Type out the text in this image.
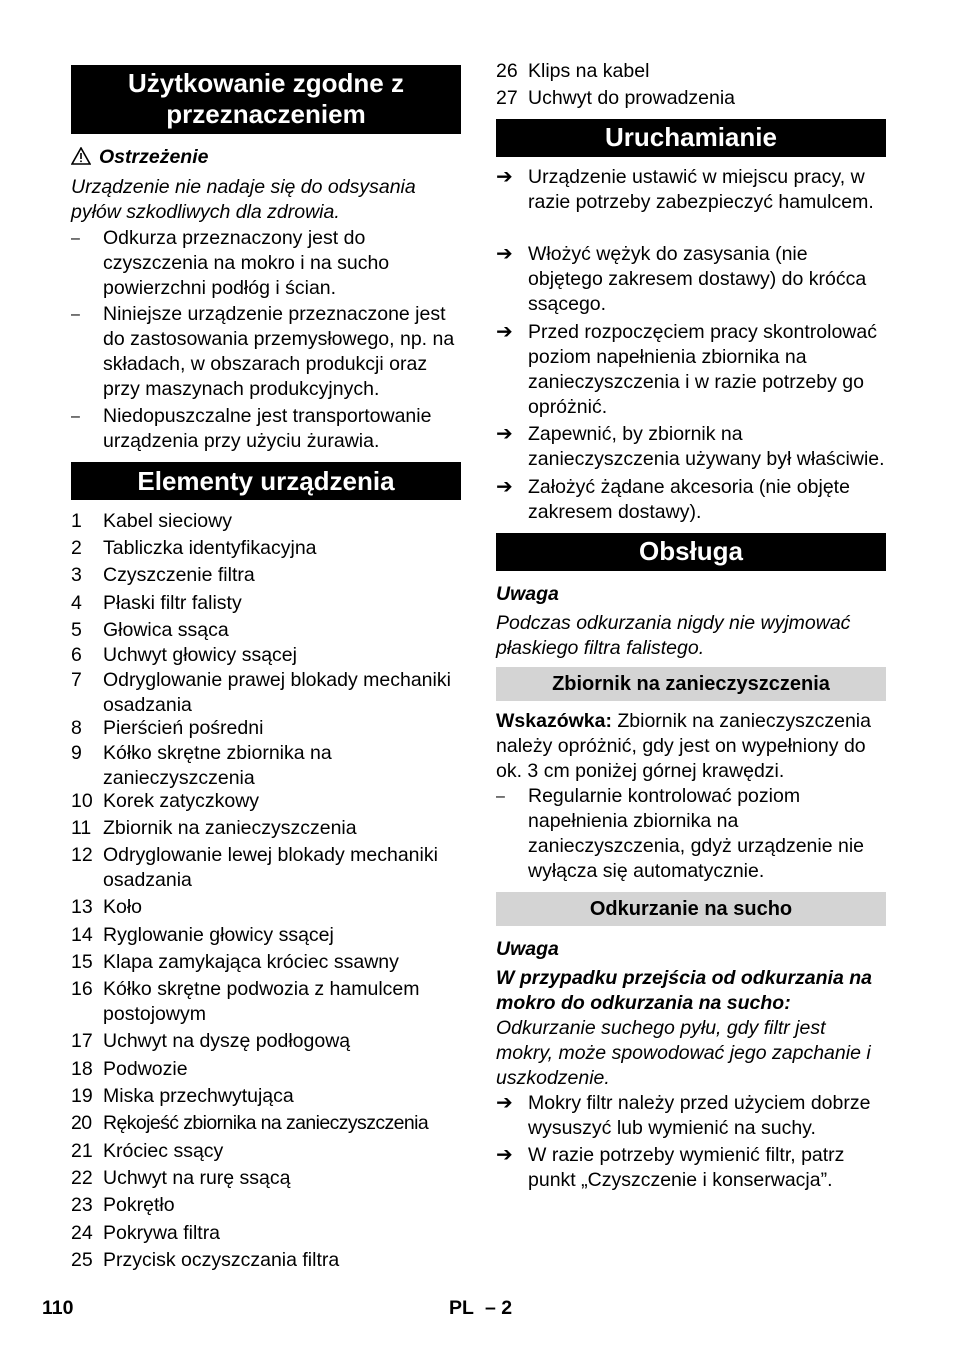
Użytkowanie zgodne z przeznaczeniem
Ostrzeżenie
Urządzenie nie nadaje się do odsysania pyłów szkodliwych dla zdrowia.
–	Odkurza przeznaczony jest do czyszczenia na mokro i na sucho powierzchni podłóg i ścian.
–	Niniejsze urządzenie przeznaczone jest do zastosowania przemysłowego, np. na składach, w obszarach produkcji oraz przy maszynach produkcyjnych.
–	Niedopuszczalne jest transportowanie urządzenia przy użyciu żurawia.
Elementy urządzenia
1	Kabel sieciowy
2	Tabliczka identyfikacyjna
3	Czyszczenie filtra
4	Płaski filtr falisty
5	Głowica ssąca
6	Uchwyt głowicy ssącej
7	Odryglowanie prawej blokady mechaniki osadzania
8	Pierścień pośredni
9	Kółko skrętne zbiornika na zanieczyszczenia
10 Korek zatyczkowy
11 Zbiornik na zanieczyszczenia
12 Odryglowanie lewej blokady mechaniki osadzania
13 Koło
14 Ryglowanie głowicy ssącej
15 Klapa zamykająca króciec ssawny
16 Kółko skrętne podwozia z hamulcem postojowym
17 Uchwyt na dyszę podłogową
18 Podwozie
19 Miska przechwytująca
20 Rękojeść zbiornika na zanieczyszczenia
21 Króciec ssący
22 Uchwyt na rurę ssącą
23 Pokrętło
24 Pokrywa filtra
25 Przycisk oczyszczania filtra
26 Klips na kabel
27 Uchwyt do prowadzenia
Uruchamianie
➔ Urządzenie ustawić w miejscu pracy, w razie potrzeby zabezpieczyć hamulcem.
➔ Włożyć wężyk do zasysania (nie objętego zakresem dostawy) do króćca ssącego.
➔ Przed rozpoczęciem pracy skontrolować poziom napełnienia zbiornika na zanieczyszczenia i w razie potrzeby go opróżnić.
➔ Zapewnić, by zbiornik na zanieczyszczenia używany był właściwie.
➔ Założyć żądane akcesoria (nie objęte zakresem dostawy).
Obsługa
Uwaga
Podczas odkurzania nigdy nie wyjmować płaskiego filtra falistego.
Zbiornik na zanieczyszczenia
Wskazówka: Zbiornik na zanieczyszczenia należy opróżnić, gdy jest on wypełniony do ok. 3 cm poniżej górnej krawędzi.
–	Regularnie kontrolować poziom napełnienia zbiornika na zanieczyszczenia, gdyż urządzenie nie wyłącza się automatycznie.
Odkurzanie na sucho
Uwaga
W przypadku przejścia od odkurzania na mokro do odkurzania na sucho:
Odkurzanie suchego pyłu, gdy filtr jest mokry, może spowodować jego zapchanie i uszkodzenie.
➔ Mokry filtr należy przed użyciem dobrze wysuszyć lub wymienić na suchy.
➔ W razie potrzeby wymienić filtr, patrz punkt „Czyszczenie i konserwacja”.
110	PL – 2
